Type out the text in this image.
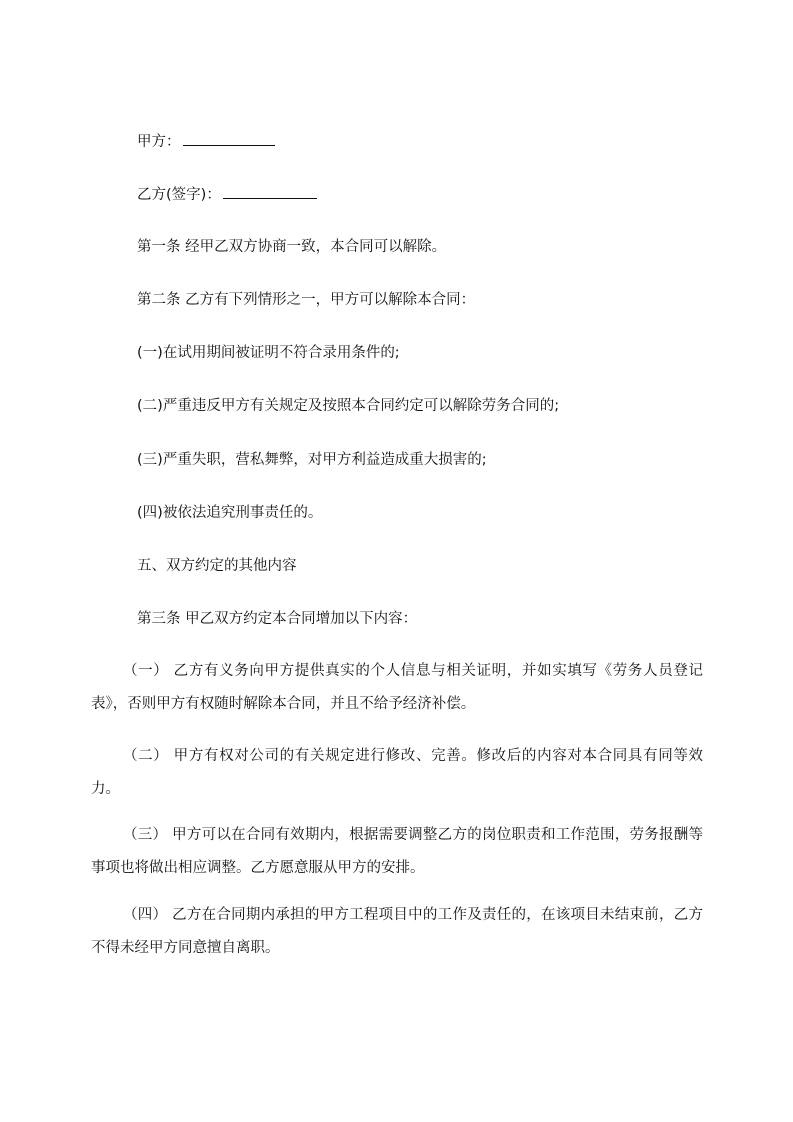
甲方：
乙方(签字)：
第一条 经甲乙双方协商一致，本合同可以解除。
第二条 乙方有下列情形之一，甲方可以解除本合同：
(一)在试用期间被证明不符合录用条件的;
(二)严重违反甲方有关规定及按照本合同约定可以解除劳务合同的;
(三)严重失职，营私舞弊，对甲方利益造成重大损害的;
(四)被依法追究刑事责任的。
五、双方约定的其他内容
第三条 甲乙双方约定本合同增加以下内容：
（一） 乙方有义务向甲方提供真实的个人信息与相关证明，并如实填写《劳务人员登记表》，否则甲方有权随时解除本合同，并且不给予经济补偿。
（二） 甲方有权对公司的有关规定进行修改、完善。修改后的内容对本合同具有同等效力。
（三） 甲方可以在合同有效期内，根据需要调整乙方的岗位职责和工作范围，劳务报酬等事项也将做出相应调整。乙方愿意服从甲方的安排。
（四） 乙方在合同期内承担的甲方工程项目中的工作及责任的，在该项目未结束前，乙方不得未经甲方同意擅自离职。
